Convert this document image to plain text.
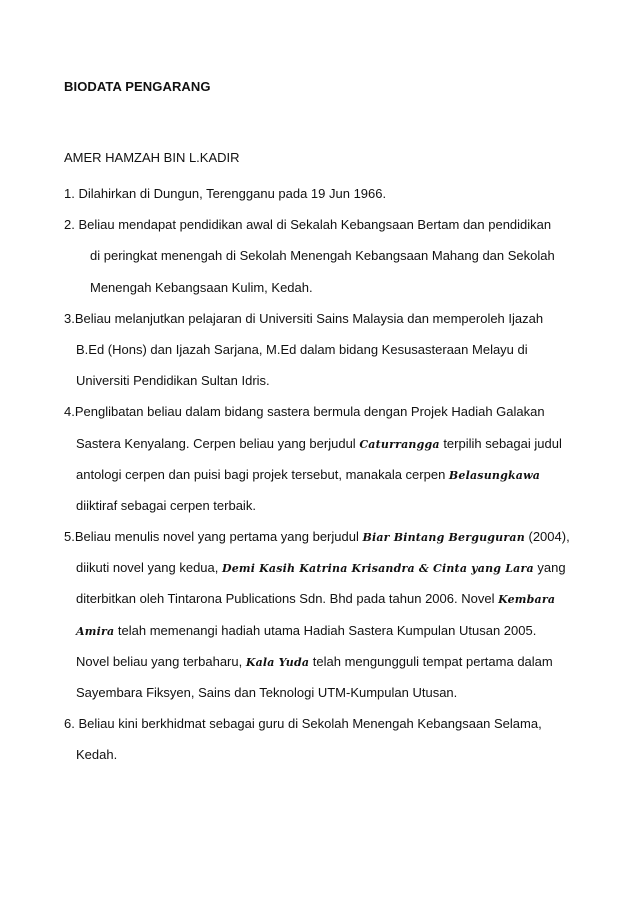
BIODATA PENGARANG
AMER HAMZAH BIN L.KADIR
1. Dilahirkan di Dungun, Terengganu pada 19 Jun 1966.
2. Beliau mendapat pendidikan awal di Sekalah Kebangsaan Bertam dan pendidikan
di peringkat menengah di Sekolah Menengah Kebangsaan Mahang dan Sekolah
Menengah Kebangsaan Kulim, Kedah.
3.Beliau melanjutkan pelajaran di Universiti Sains Malaysia dan memperoleh Ijazah
B.Ed (Hons) dan Ijazah Sarjana, M.Ed dalam bidang Kesusasteraan Melayu di
Universiti Pendidikan Sultan Idris.
4.Penglibatan beliau dalam bidang sastera bermula dengan Projek Hadiah Galakan
Sastera Kenyalang. Cerpen beliau yang berjudul Caturrangga terpilih sebagai judul
antologi cerpen dan puisi bagi projek tersebut, manakala cerpen Belasungkawa
diiktiraf sebagai cerpen terbaik.
5.Beliau menulis novel yang pertama yang berjudul Biar Bintang Berguguran (2004),
diikuti novel yang kedua, Demi Kasih Katrina Krisandra & Cinta yang Lara yang
diterbitkan oleh Tintarona Publications Sdn. Bhd pada tahun 2006. Novel Kembara
Amira telah memenangi hadiah utama Hadiah Sastera Kumpulan Utusan 2005.
Novel beliau yang terbaharu, Kala Yuda telah mengungguli tempat pertama dalam
Sayembara Fiksyen, Sains dan Teknologi UTM-Kumpulan Utusan.
6. Beliau kini berkhidmat sebagai guru di Sekolah Menengah Kebangsaan Selama,
Kedah.
